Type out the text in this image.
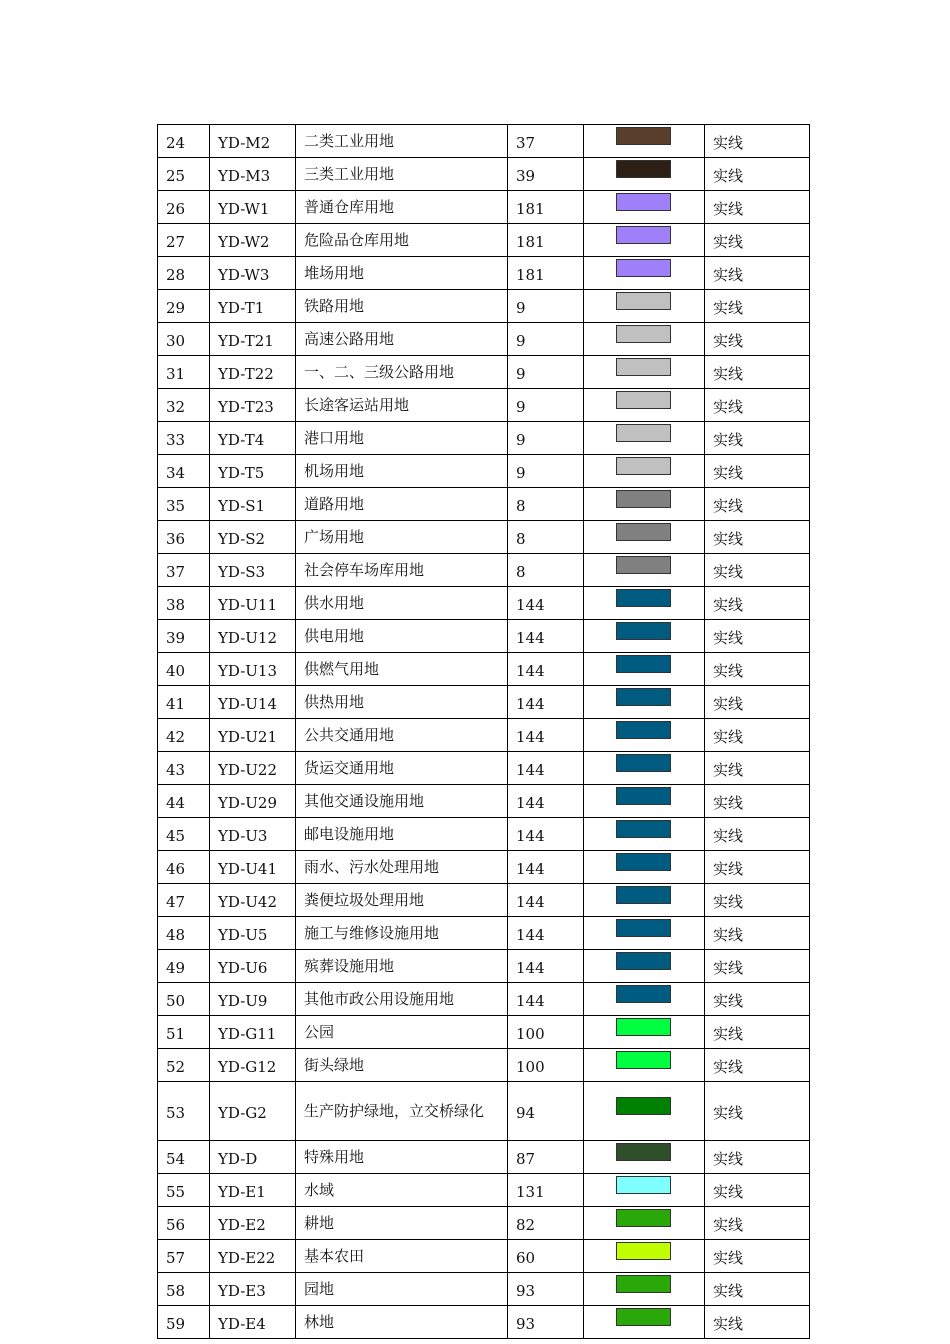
24	YD-M2	二类工业用地	37		实线
25	YD-M3	三类工业用地	39		实线
26	YD-W1	普通仓库用地	181		实线
27	YD-W2	危险品仓库用地	181		实线
28	YD-W3	堆场用地	181		实线
29	YD-T1	铁路用地	9		实线
30	YD-T21	高速公路用地	9		实线
31	YD-T22	一、二、三级公路用地	9		实线
32	YD-T23	长途客运站用地	9		实线
33	YD-T4	港口用地	9		实线
34	YD-T5	机场用地	9		实线
35	YD-S1	道路用地	8		实线
36	YD-S2	广场用地	8		实线
37	YD-S3	社会停车场库用地	8		实线
38	YD-U11	供水用地	144		实线
39	YD-U12	供电用地	144		实线
40	YD-U13	供燃气用地	144		实线
41	YD-U14	供热用地	144		实线
42	YD-U21	公共交通用地	144		实线
43	YD-U22	货运交通用地	144		实线
44	YD-U29	其他交通设施用地	144		实线
45	YD-U3	邮电设施用地	144		实线
46	YD-U41	雨水、污水处理用地	144		实线
47	YD-U42	粪便垃圾处理用地	144		实线
48	YD-U5	施工与维修设施用地	144		实线
49	YD-U6	殡葬设施用地	144		实线
50	YD-U9	其他市政公用设施用地	144		实线
51	YD-G11	公园	100		实线
52	YD-G12	街头绿地	100		实线
53	YD-G2	生产防护绿地，立交桥绿化	94		实线
54	YD-D	特殊用地	87		实线
55	YD-E1	水域	131		实线
56	YD-E2	耕地	82		实线
57	YD-E22	基本农田	60		实线
58	YD-E3	园地	93		实线
59	YD-E4	林地	93		实线
